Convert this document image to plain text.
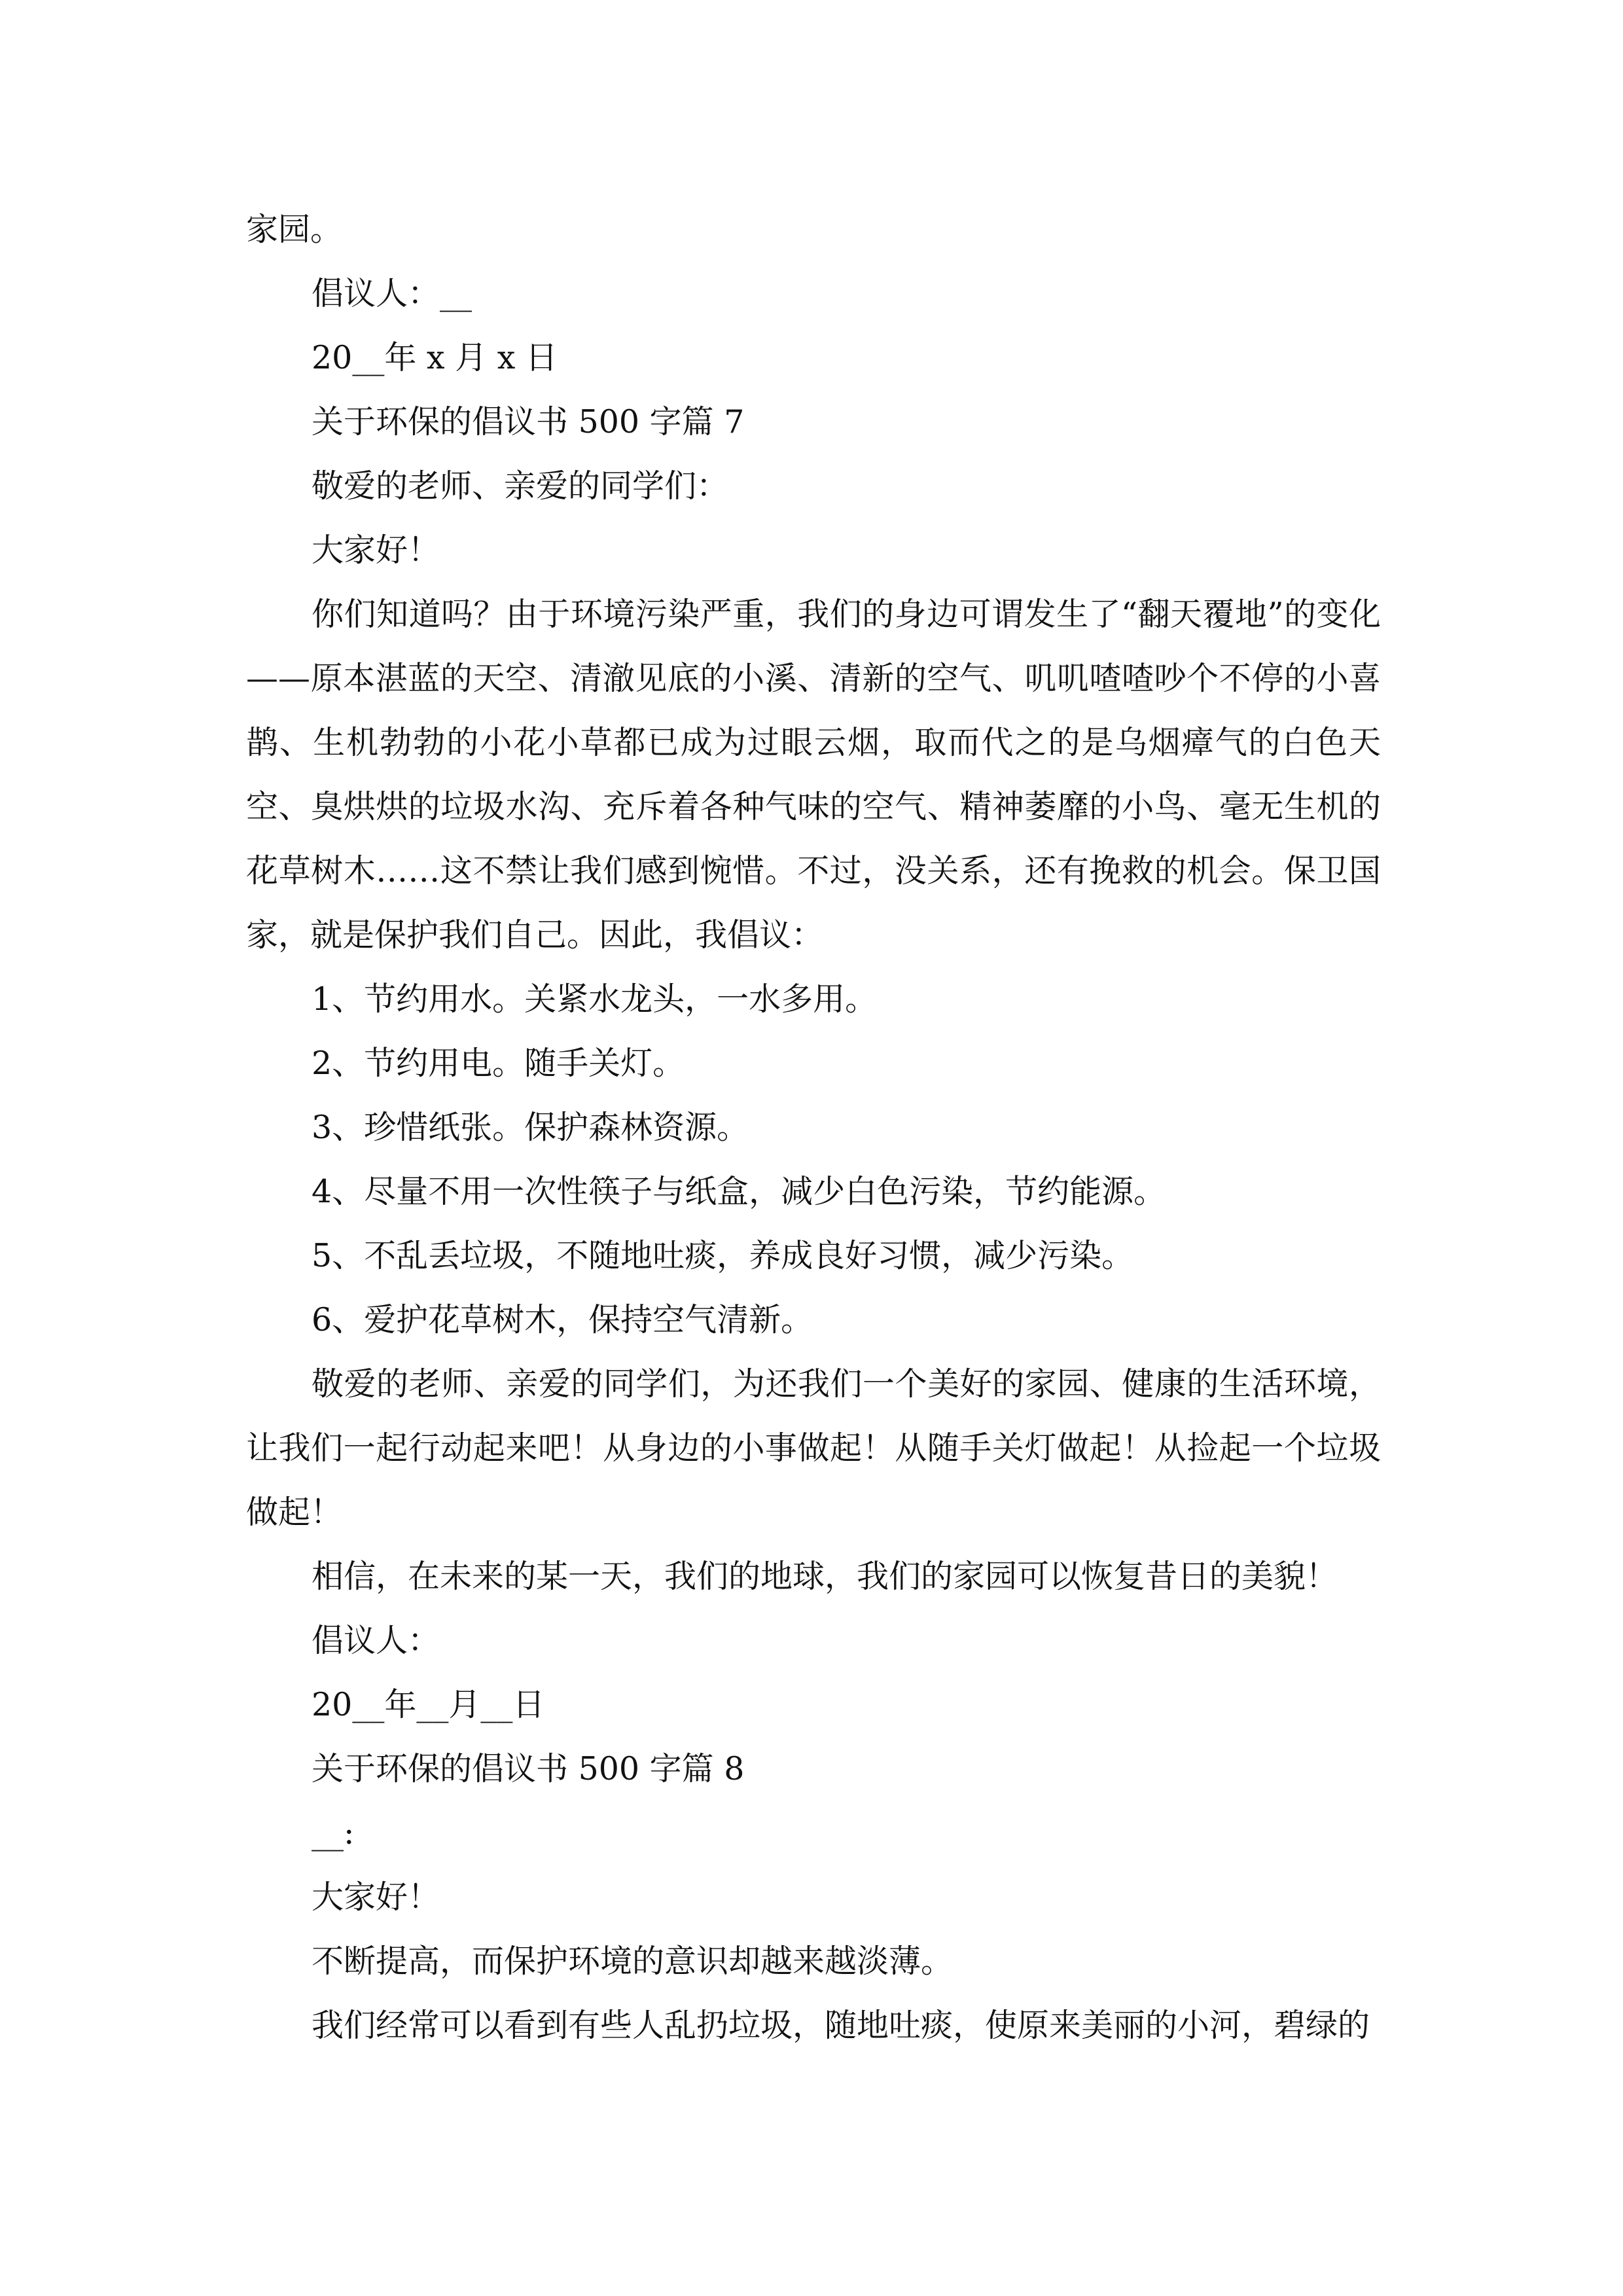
家园。

倡议人：__

20__年 x 月 x 日

关于环保的倡议书 500 字篇 7

敬爱的老师、亲爱的同学们：

大家好！

你们知道吗？由于环境污染严重，我们的身边可谓发生了“翻天覆地”的变化——原本湛蓝的天空、清澈见底的小溪、清新的空气、叽叽喳喳吵个不停的小喜鹊、生机勃勃的小花小草都已成为过眼云烟，取而代之的是乌烟瘴气的白色天空、臭烘烘的垃圾水沟、充斥着各种气味的空气、精神萎靡的小鸟、毫无生机的花草树木……这不禁让我们感到惋惜。不过，没关系，还有挽救的机会。保卫国家，就是保护我们自己。因此，我倡议：

1、节约用水。关紧水龙头，一水多用。

2、节约用电。随手关灯。

3、珍惜纸张。保护森林资源。

4、尽量不用一次性筷子与纸盒，减少白色污染，节约能源。

5、不乱丢垃圾，不随地吐痰，养成良好习惯，减少污染。

6、爱护花草树木，保持空气清新。

敬爱的老师、亲爱的同学们，为还我们一个美好的家园、健康的生活环境，让我们一起行动起来吧！从身边的小事做起！从随手关灯做起！从捡起一个垃圾做起！

相信，在未来的某一天，我们的地球，我们的家园可以恢复昔日的美貌！

倡议人：

20__年__月__日

关于环保的倡议书 500 字篇 8

__:

大家好！

不断提高，而保护环境的意识却越来越淡薄。

我们经常可以看到有些人乱扔垃圾，随地吐痰，使原来美丽的小河，碧绿的
